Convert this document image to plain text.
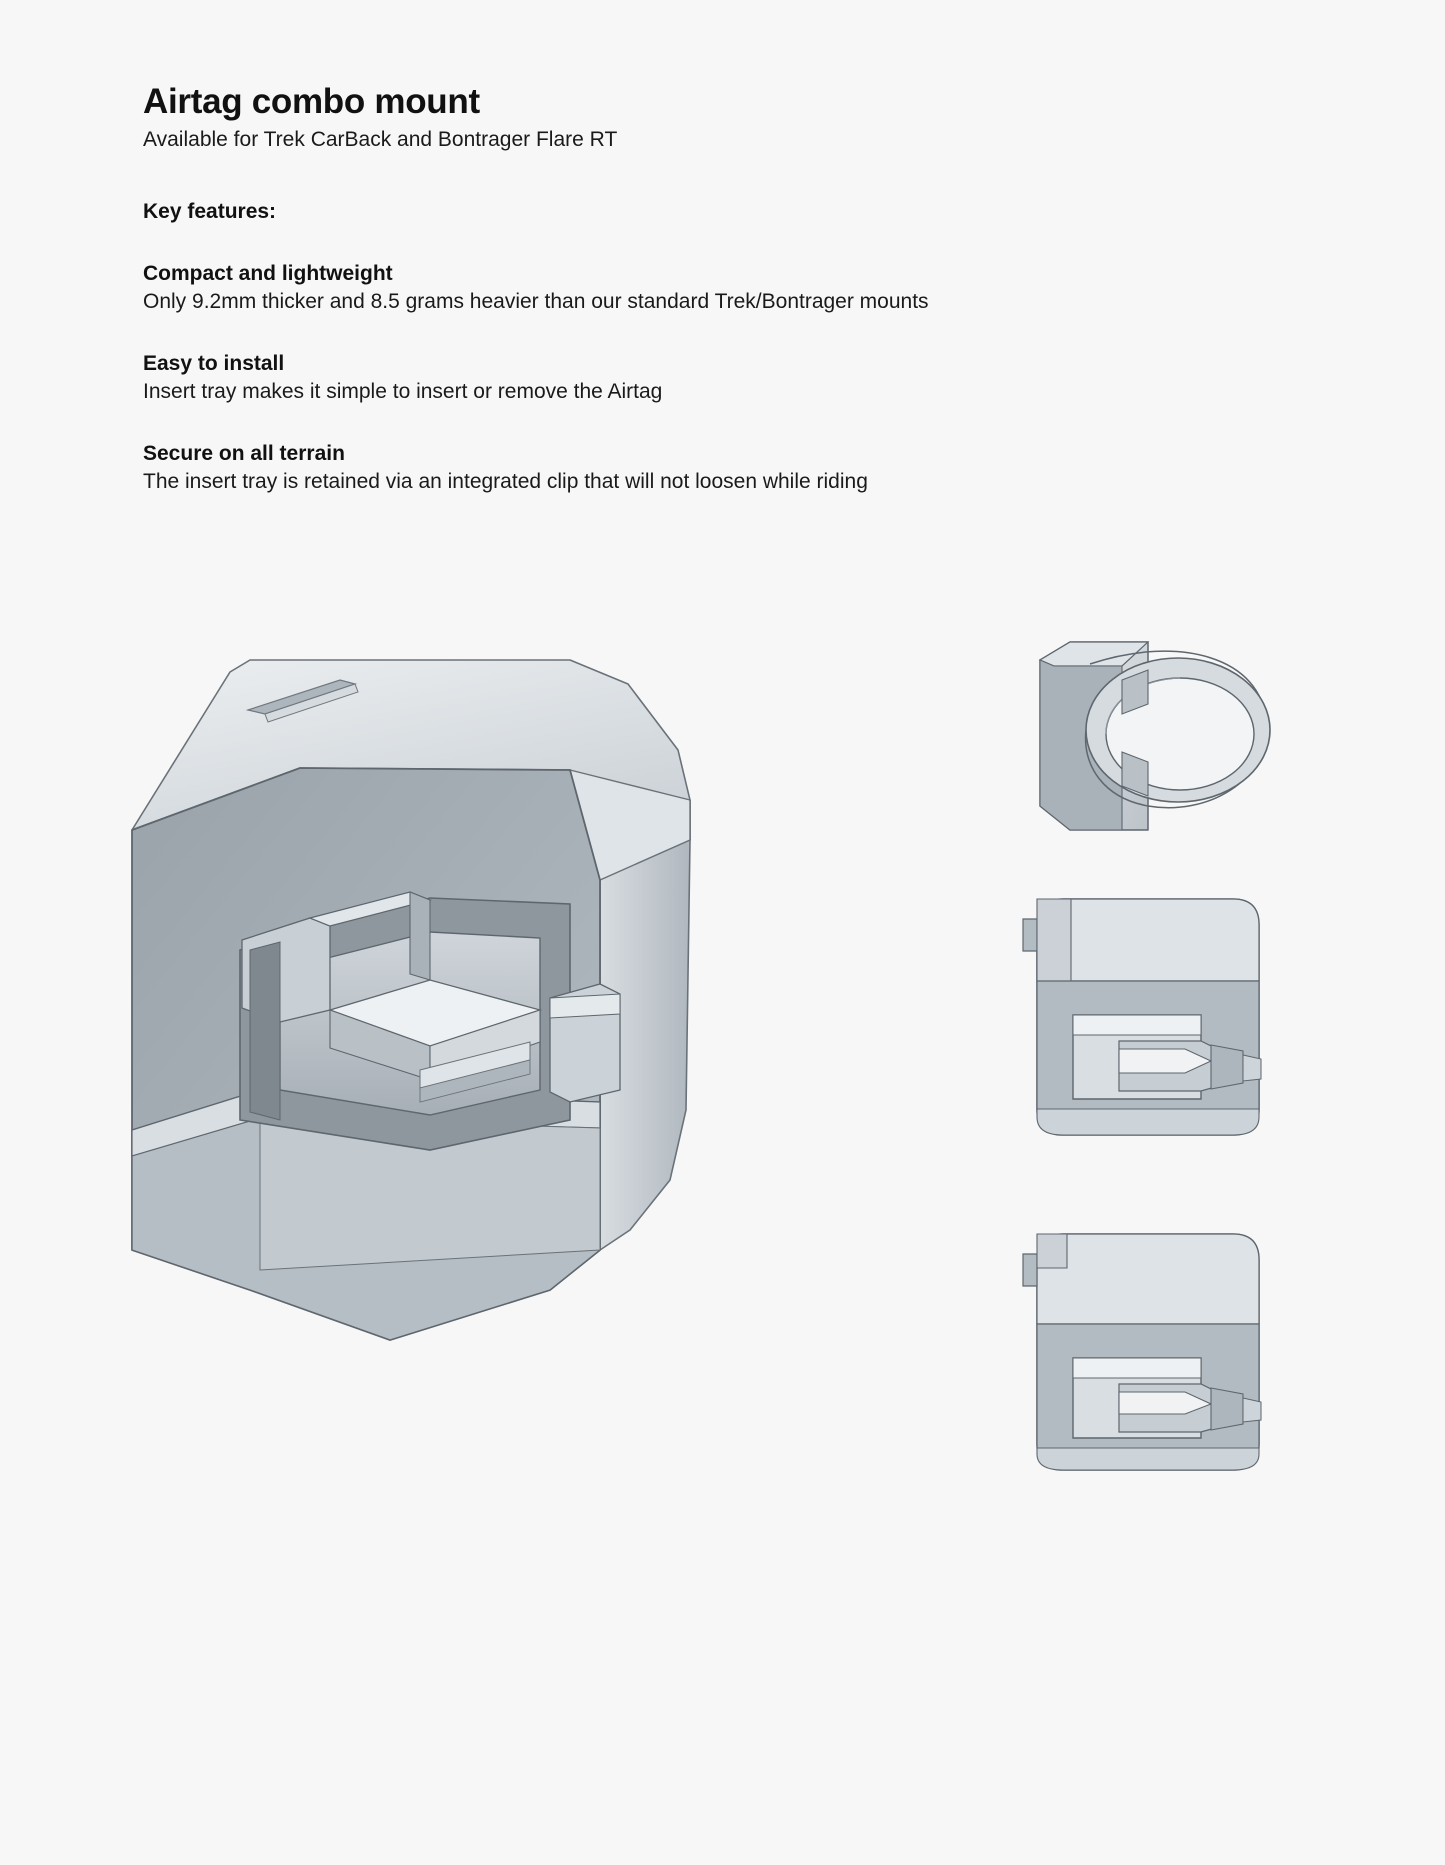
Airtag combo mount

Available for Trek CarBack and Bontrager Flare RT

Key features:

Compact and lightweight

Only 9.2mm thicker and 8.5 grams heavier than our standard Trek/Bontrager mounts

Easy to install

Insert tray makes it simple to insert or remove the Airtag

Secure on all terrain

The insert tray is retained via an integrated clip that will not loosen while riding
